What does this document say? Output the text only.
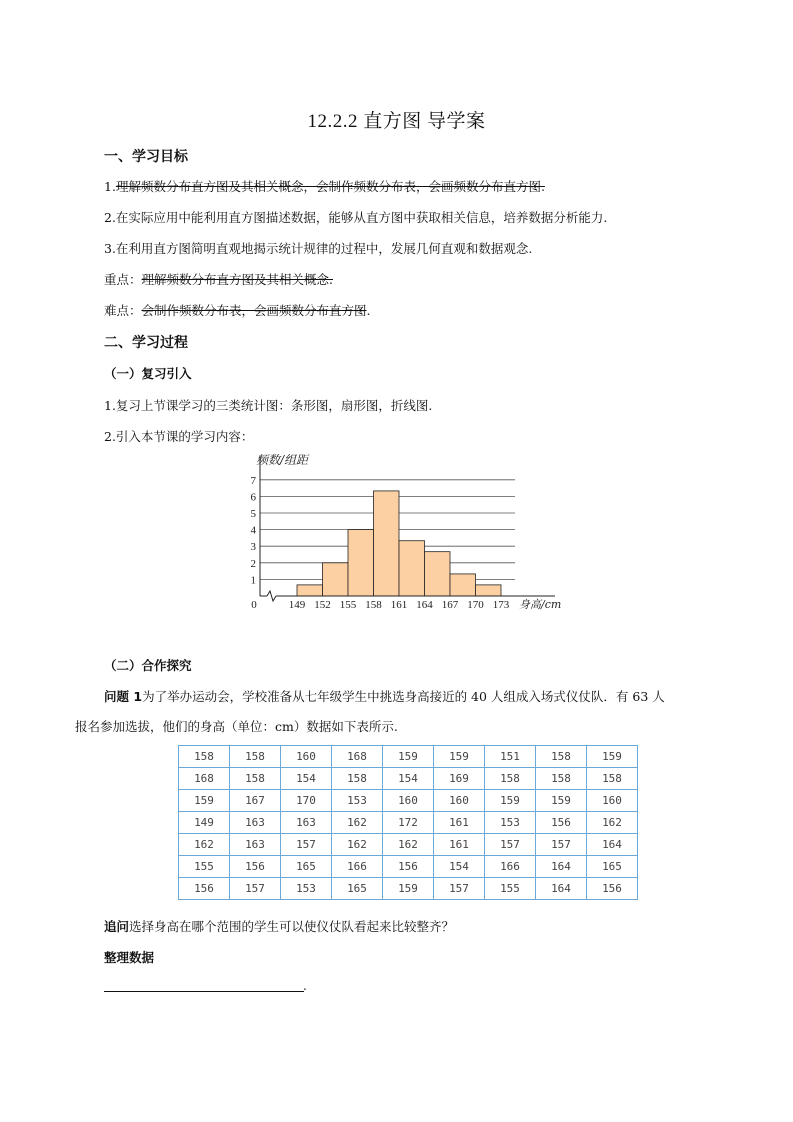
12.2.2 直方图 导学案
一、学习目标
1.理解频数分布直方图及其相关概念，会制作频数分布表，会画频数分布直方图.
2.在实际应用中能利用直方图描述数据，能够从直方图中获取相关信息，培养数据分析能力.
3.在利用直方图简明直观地揭示统计规律的过程中，发展几何直观和数据观念.
重点：理解频数分布直方图及其相关概念.
难点：会制作频数分布表，会画频数分布直方图.
二、学习过程
（一）复习引入
1.复习上节课学习的三类统计图：条形图，扇形图，折线图.
2.引入本节课的学习内容：
1
2
3
4
5
6
7
149 152 155 158 161 164 167 170 173
0
频数/组距
身高/cm
（二）合作探究
问题 1为了举办运动会，学校准备从七年级学生中挑选身高接近的 40 人组成入场式仪仗队．有 63 人
报名参加选拔，他们的身高（单位：cm）数据如下表所示.
158	158	160	168	159	159	151	158	159
168	158	154	158	154	169	158	158	158
159	167	170	153	160	160	159	159	160
149	163	163	162	172	161	153	156	162
162	163	157	162	162	161	157	157	164
155	156	165	166	156	154	166	164	165
156	157	153	165	159	157	155	164	156
追问选择身高在哪个范围的学生可以使仪仗队看起来比较整齐？
整理数据
.
